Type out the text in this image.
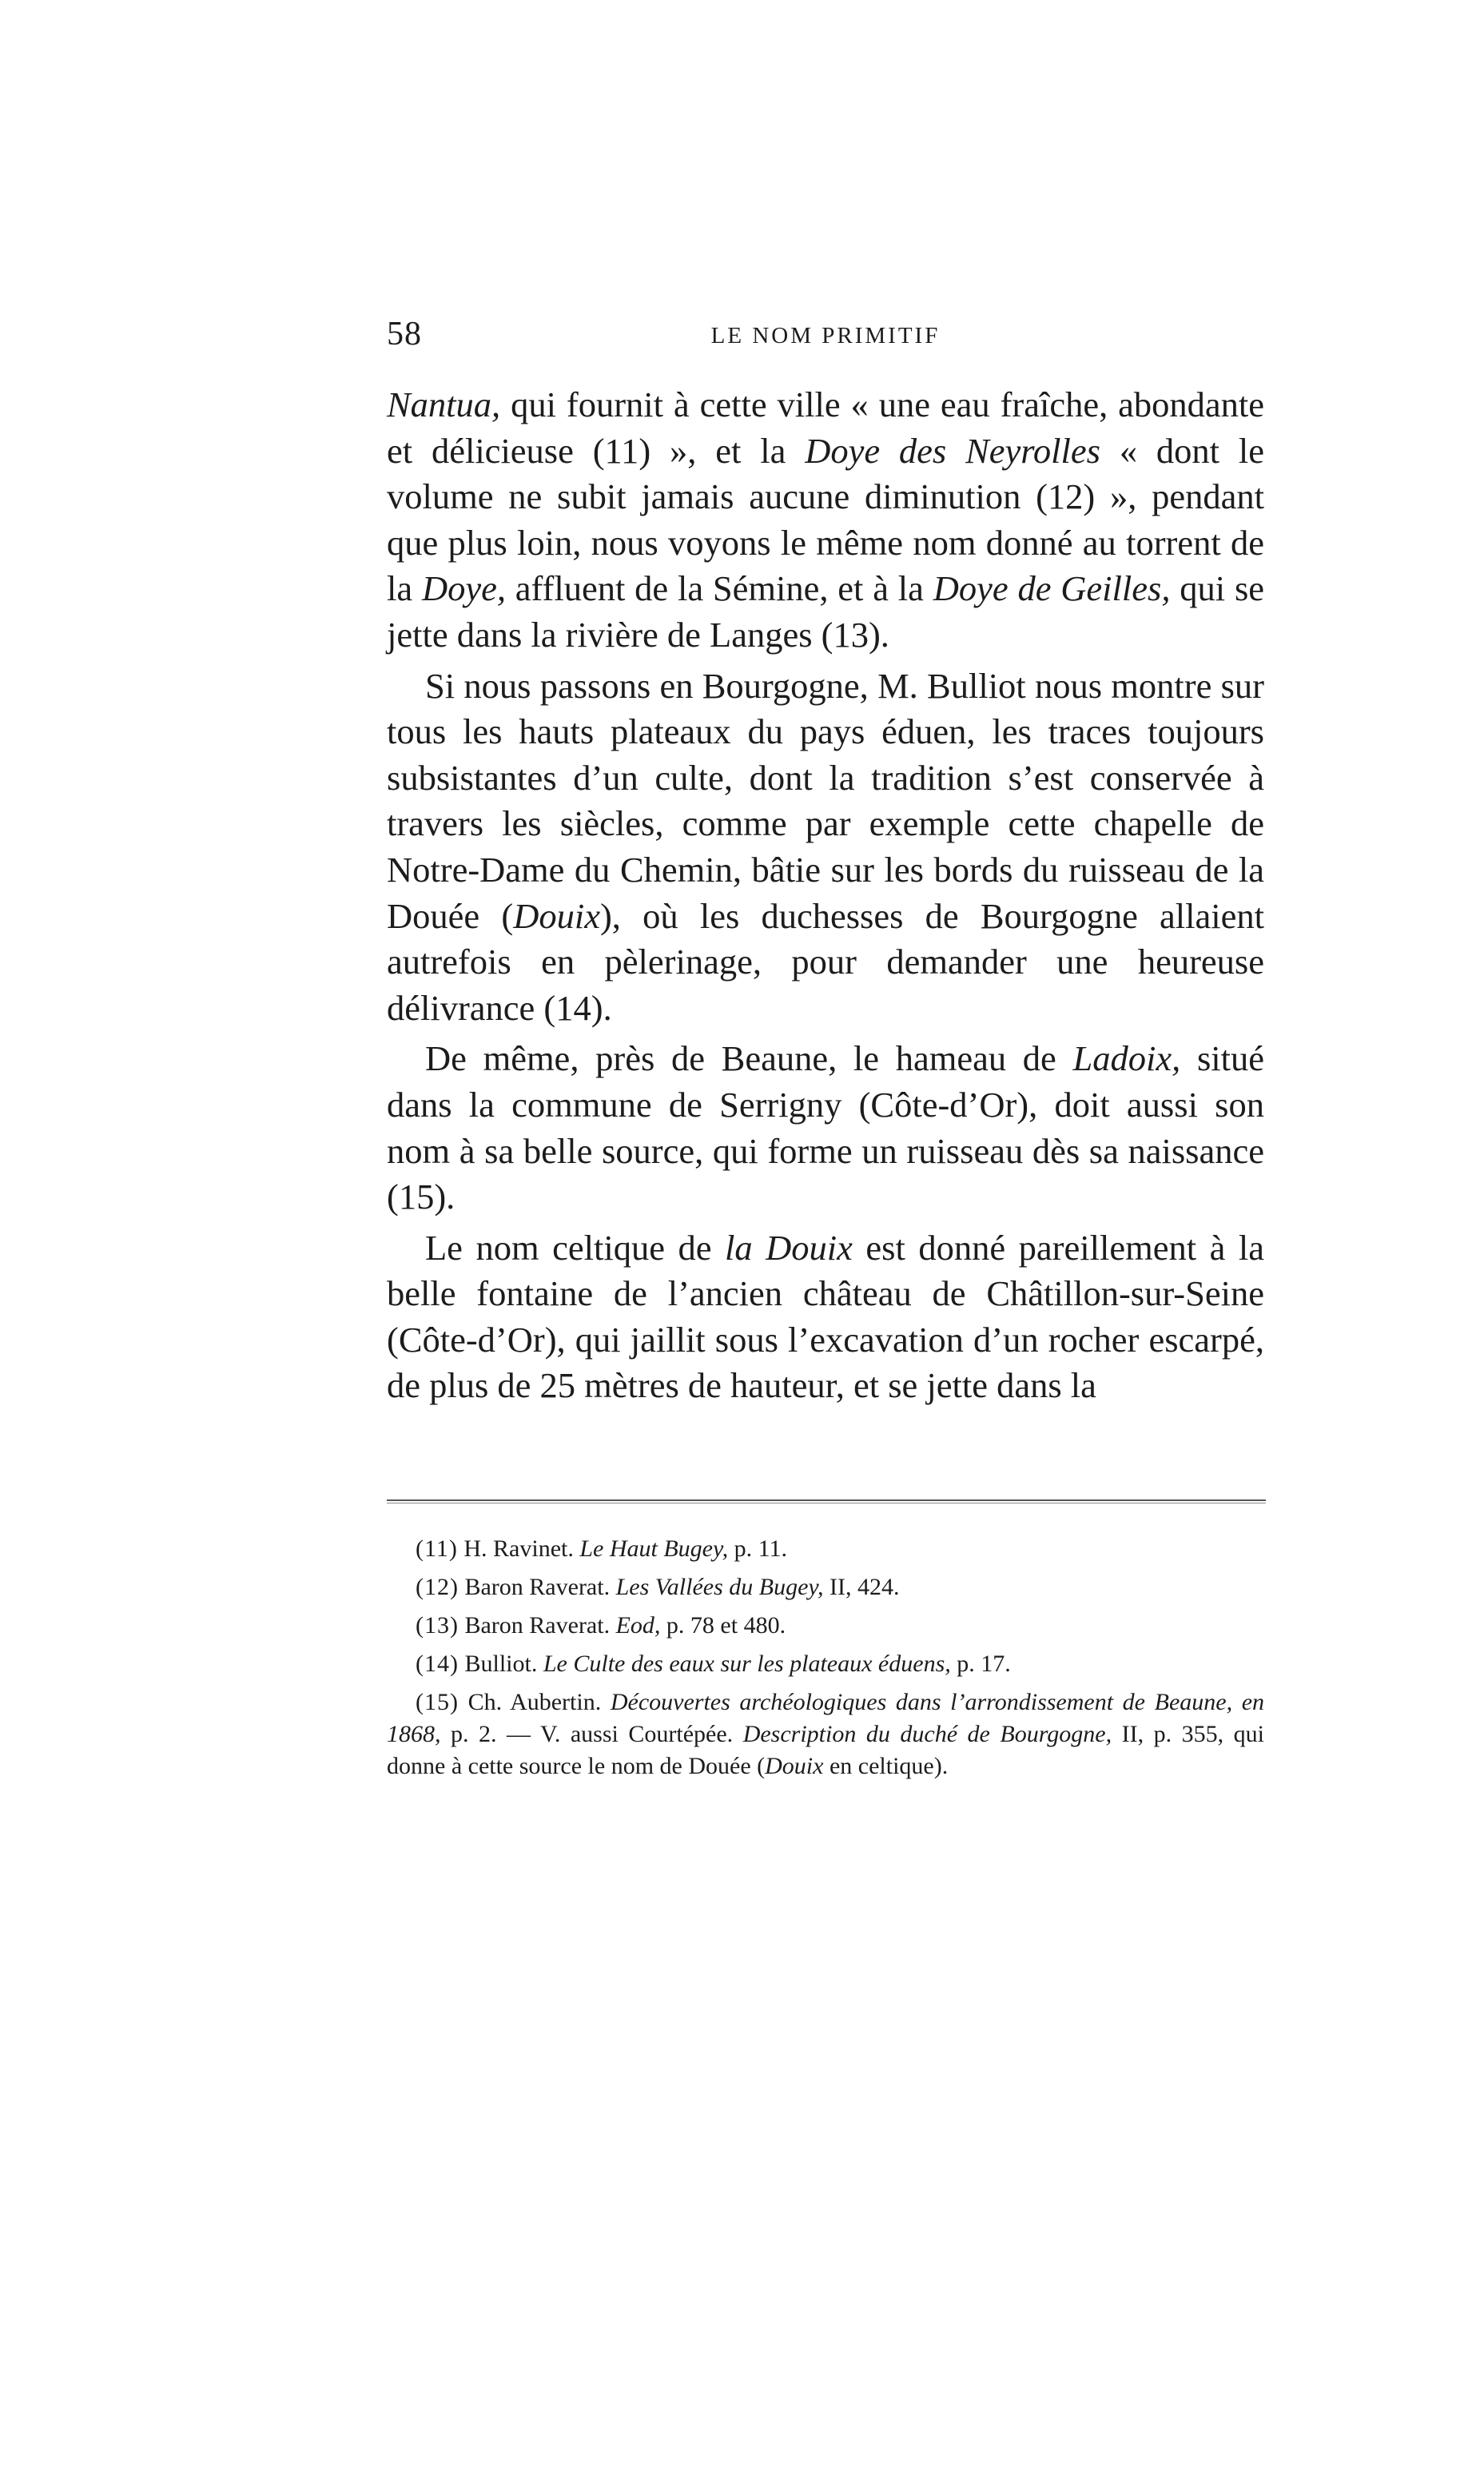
58	LE NOM PRIMITIF

Nantua, qui fournit à cette ville « une eau fraîche, abondante et délicieuse (11) », et la Doye des Neyrolles « dont le volume ne subit jamais aucune diminution (12) », pendant que plus loin, nous voyons le même nom donné au torrent de la Doye, affluent de la Sémine, et à la Doye de Geilles, qui se jette dans la rivière de Langes (13).

Si nous passons en Bourgogne, M. Bulliot nous montre sur tous les hauts plateaux du pays éduen, les traces toujours subsistantes d’un culte, dont la tradition s’est conservée à travers les siècles, comme par exemple cette chapelle de Notre-Dame du Chemin, bâtie sur les bords du ruisseau de la Douée (Douix), où les duchesses de Bourgogne allaient autrefois en pèlerinage, pour demander une heureuse délivrance (14).

De même, près de Beaune, le hameau de Ladoix, situé dans la commune de Serrigny (Côte-d’Or), doit aussi son nom à sa belle source, qui forme un ruisseau dès sa naissance (15).

Le nom celtique de la Douix est donné pareillement à la belle fontaine de l’ancien château de Châtillon-sur-Seine (Côte-d’Or), qui jaillit sous l’excavation d’un rocher escarpé, de plus de 25 mètres de hauteur, et se jette dans la

(11) H. Ravinet. Le Haut Bugey, p. 11.

(12) Baron Raverat. Les Vallées du Bugey, II, 424.

(13) Baron Raverat. Eod, p. 78 et 480.

(14) Bulliot. Le Culte des eaux sur les plateaux éduens, p. 17.

(15) Ch. Aubertin. Découvertes archéologiques dans l’arrondissement de Beaune, en 1868, p. 2. — V. aussi Courtépée. Description du duché de Bourgogne, II, p. 355, qui donne à cette source le nom de Douée (Douix en celtique).
